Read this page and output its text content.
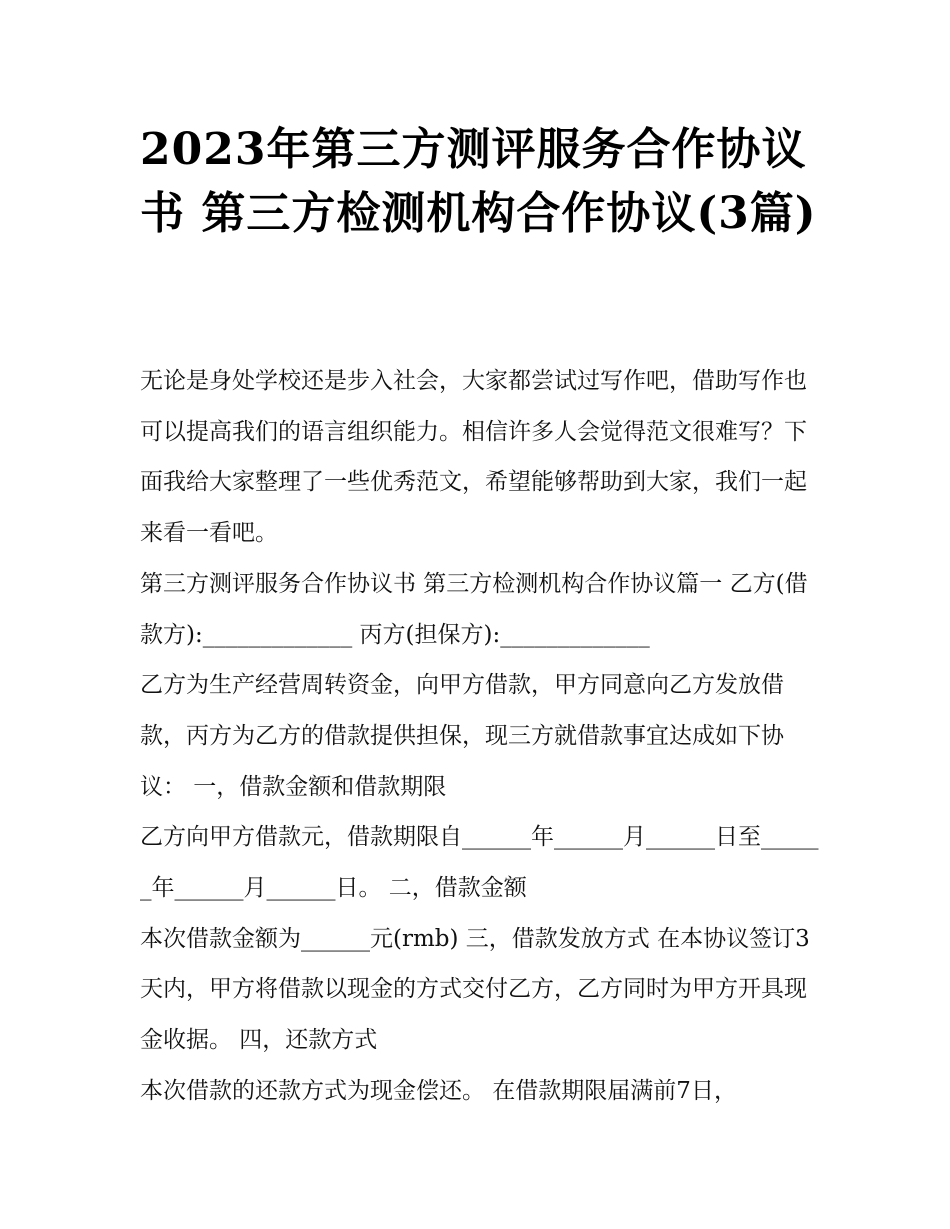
2023年第三方测评服务合作协议书 第三方检测机构合作协议(3篇)

无论是身处学校还是步入社会，大家都尝试过写作吧，借助写作也可以提高我们的语言组织能力。相信许多人会觉得范文很难写？下面我给大家整理了一些优秀范文，希望能够帮助到大家，我们一起来看一看吧。

第三方测评服务合作协议书 第三方检测机构合作协议篇一 乙方(借款方):_____________ 丙方(担保方):_____________

乙方为生产经营周转资金，向甲方借款，甲方同意向乙方发放借款，丙方为乙方的借款提供担保，现三方就借款事宜达成如下协议： 一，借款金额和借款期限

乙方向甲方借款元，借款期限自______年______月______日至______年______月______日。 二，借款金额

本次借款金额为______元(rmb) 三，借款发放方式 在本协议签订3天内，甲方将借款以现金的方式交付乙方，乙方同时为甲方开具现金收据。 四，还款方式

本次借款的还款方式为现金偿还。 在借款期限届满前7日，
